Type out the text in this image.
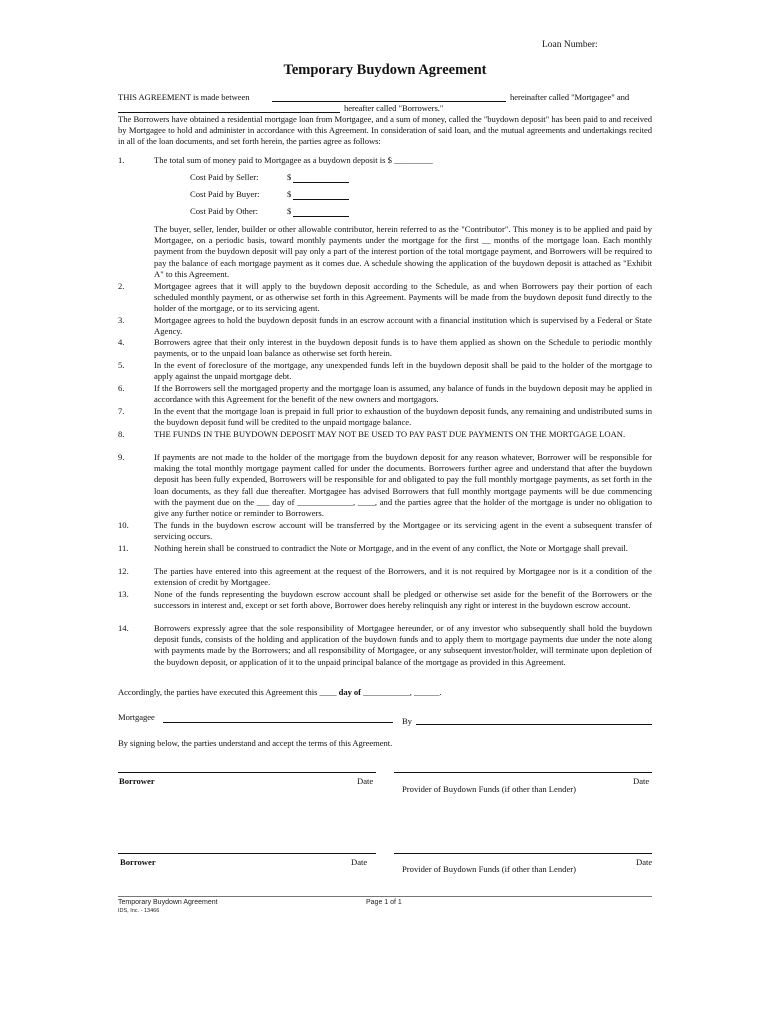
Loan Number:
Temporary Buydown Agreement
THIS AGREEMENT is made between	hereinafter called "Mortgagee" and
hereafter called "Borrowers."
The Borrowers have obtained a residential mortgage loan from Mortgagee, and a sum of money, called the "buydown deposit" has been paid to and received by Mortgagee to hold and administer in accordance with this Agreement. In consideration of said loan, and the mutual agreements and undertakings recited in all of the loan documents, and set forth herein, the parties agree as follows:
1.	The total sum of money paid to Mortgagee as a buydown deposit is $ _________
Cost Paid by Seller:	$
Cost Paid by Buyer:	$
Cost Paid by Other:	$
The buyer, seller, lender, builder or other allowable contributor, herein referred to as the "Contributor". This money is to be applied and paid by Mortgagee, on a periodic basis, toward monthly payments under the mortgage for the first __ months of the mortgage loan. Each monthly payment from the buydown deposit will pay only a part of the interest portion of the total mortgage payment, and Borrowers will be required to pay the balance of each mortgage payment as it comes due. A schedule showing the application of the buydown deposit is attached as "Exhibit A" to this Agreement.
2.	Mortgagee agrees that it will apply to the buydown deposit according to the Schedule, as and when Borrowers pay their portion of each scheduled monthly payment, or as otherwise set forth in this Agreement. Payments will be made from the buydown deposit fund directly to the holder of the mortgage, or to its servicing agent.
3.	Mortgagee agrees to hold the buydown deposit funds in an escrow account with a financial institution which is supervised by a Federal or State Agency.
4.	Borrowers agree that their only interest in the buydown deposit funds is to have them applied as shown on the Schedule to periodic monthly payments, or to the unpaid loan balance as otherwise set forth herein.
5.	In the event of foreclosure of the mortgage, any unexpended funds left in the buydown deposit shall be paid to the holder of the mortgage to apply against the unpaid mortgage debt.
6.	If the Borrowers sell the mortgaged property and the mortgage loan is assumed, any balance of funds in the buydown deposit may be applied in accordance with this Agreement for the benefit of the new owners and mortgagors.
7.	In the event that the mortgage loan is prepaid in full prior to exhaustion of the buydown deposit funds, any remaining and undistributed sums in the buydown deposit fund will be credited to the unpaid mortgage balance.
8.	THE FUNDS IN THE BUYDOWN DEPOSIT MAY NOT BE USED TO PAY PAST DUE PAYMENTS ON THE MORTGAGE LOAN.
9.	If payments are not made to the holder of the mortgage from the buydown deposit for any reason whatever, Borrower will be responsible for making the total monthly mortgage payment called for under the documents. Borrowers further agree and understand that after the buydown deposit has been fully expended, Borrowers will be responsible for and obligated to pay the full monthly mortgage payments, as set forth in the loan documents, as they fall due thereafter. Mortgagee has advised Borrowers that full monthly mortgage payments will be due commencing with the payment due on the ___ day of _____________, ____, and the parties agree that the holder of the mortgage is under no obligation to give any further notice or reminder to Borrowers.
10.	The funds in the buydown escrow account will be transferred by the Mortgagee or its servicing agent in the event a subsequent transfer of servicing occurs.
11.	Nothing herein shall be construed to contradict the Note or Mortgage, and in the event of any conflict, the Note or Mortgage shall prevail.
12.	The parties have entered into this agreement at the request of the Borrowers, and it is not required by Mortgagee nor is it a condition of the extension of credit by Mortgagee.
13.	None of the funds representing the buydown escrow account shall be pledged or otherwise set aside for the benefit of the Borrowers or the successors in interest and, except or set forth above, Borrower does hereby relinquish any right or interest in the buydown escrow account.
14.	Borrowers expressly agree that the sole responsibility of Mortgagee hereunder, or of any investor who subsequently shall hold the buydown deposit funds, consists of the holding and application of the buydown funds and to apply them to mortgage payments due under the note along with payments made by the Borrowers; and all responsibility of Mortgagee, or any subsequent investor/holder, will terminate upon depletion of the buydown deposit, or application of it to the unpaid principal balance of the mortgage as provided in this Agreement.
Accordingly, the parties have executed this Agreement this ____ day of ___________, ______.
Mortgagee	By
By signing below, the parties understand and accept the terms of this Agreement.
Borrower	Date	Date
Provider of Buydown Funds (if other than Lender)
Borrower	Date	Date
Provider of Buydown Funds (if other than Lender)
Temporary Buydown Agreement
IDS, Inc. - 13466
Page 1 of 1
